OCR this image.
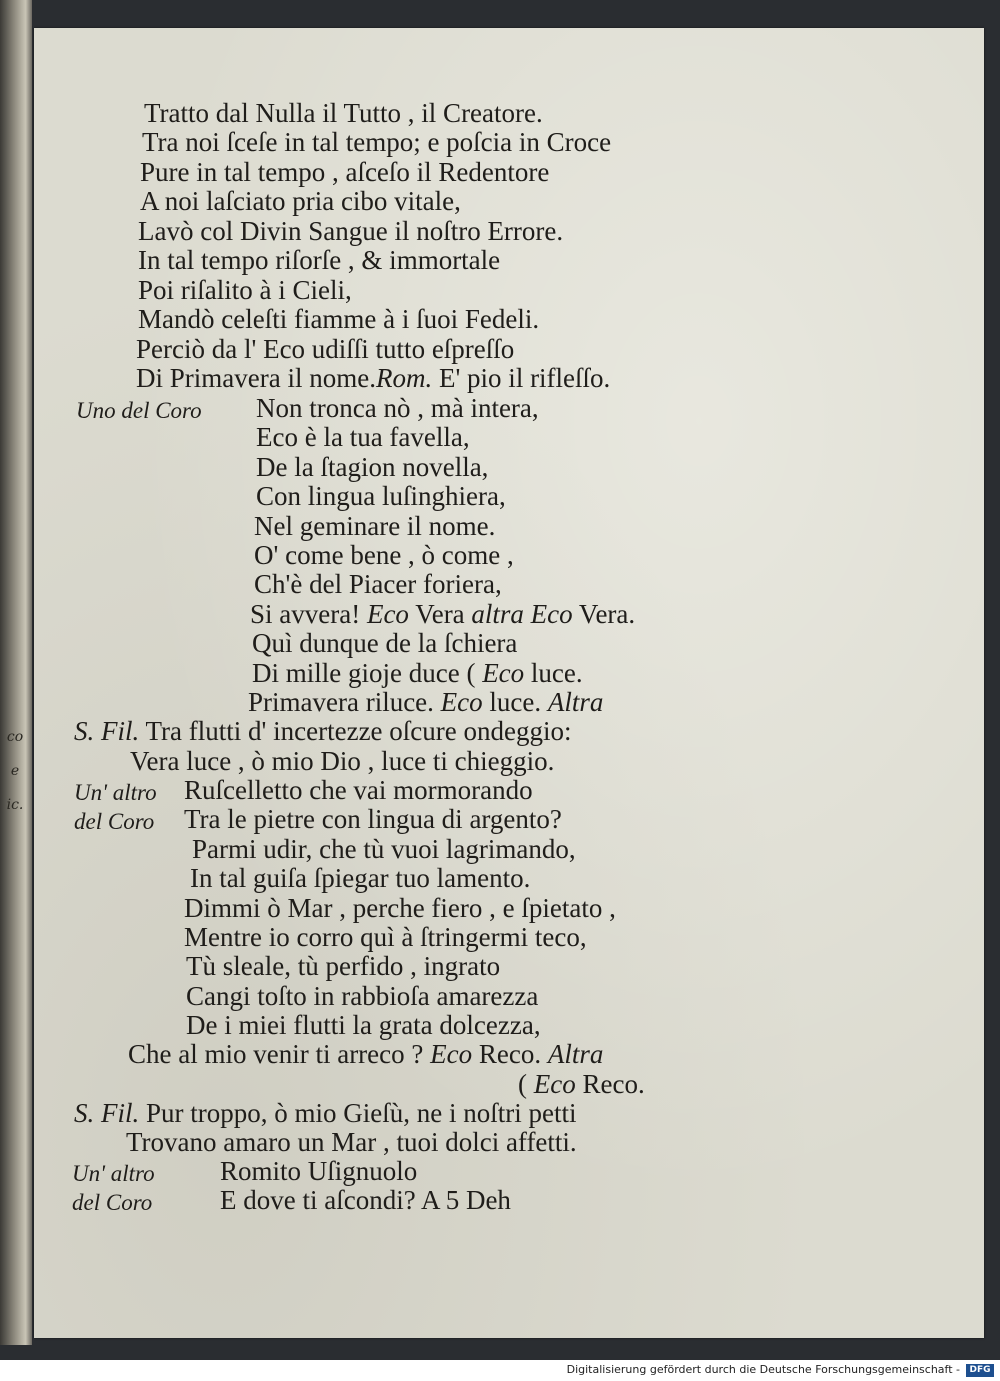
co
e
ic.
Tratto dal Nulla il Tutto , il Creatore.
Tra noi ſceſe in tal tempo; e poſcia in Croce
Pure in tal tempo , aſceſo il Redentore
A noi laſciato pria cibo vitale,
Lavò col Divin Sangue il noſtro Errore.
In tal tempo riſorſe , & immortale
Poi riſalito à i Cieli,
Mandò celeſti fiamme à i ſuoi Fedeli.
Perciò da l' Eco udiſſi tutto eſpreſſo
Di Primavera il nome.Rom. E' pio il rifleſſo.
Uno del Coro Non tronca nò , mà intera,
Eco è la tua favella,
De la ſtagion novella,
Con lingua luſinghiera,
Nel geminare il nome.
O' come bene , ò come ,
Ch'è del Piacer foriera,
Si avvera! Eco Vera altra Eco Vera.
Quì dunque de la ſchiera
Di mille gioje duce ( Eco luce.
Primavera riluce. Eco luce. Altra
S. Fil. Tra flutti d' incertezze oſcure ondeggio:
Vera luce , ò mio Dio , luce ti chieggio.
Un' altro Ruſcelletto che vai mormorando
del Coro Tra le pietre con lingua di argento?
Parmi udir, che tù vuoi lagrimando,
In tal guiſa ſpiegar tuo lamento.
Dimmi ò Mar , perche fiero , e ſpietato ,
Mentre io corro quì à ſtringermi teco,
Tù sleale, tù perfido , ingrato
Cangi toſto in rabbioſa amarezza
De i miei flutti la grata dolcezza,
Che al mio venir ti arreco ? Eco Reco. Altra
( Eco Reco.
S. Fil. Pur troppo, ò mio Gieſù, ne i noſtri petti
Trovano amaro un Mar , tuoi dolci affetti.
Un' altro Romito Uſignuolo
del Coro	E dove ti aſcondi? A 5 Deh
Digitalisierung gefördert durch die Deutsche Forschungsgemeinschaft -	DFG
